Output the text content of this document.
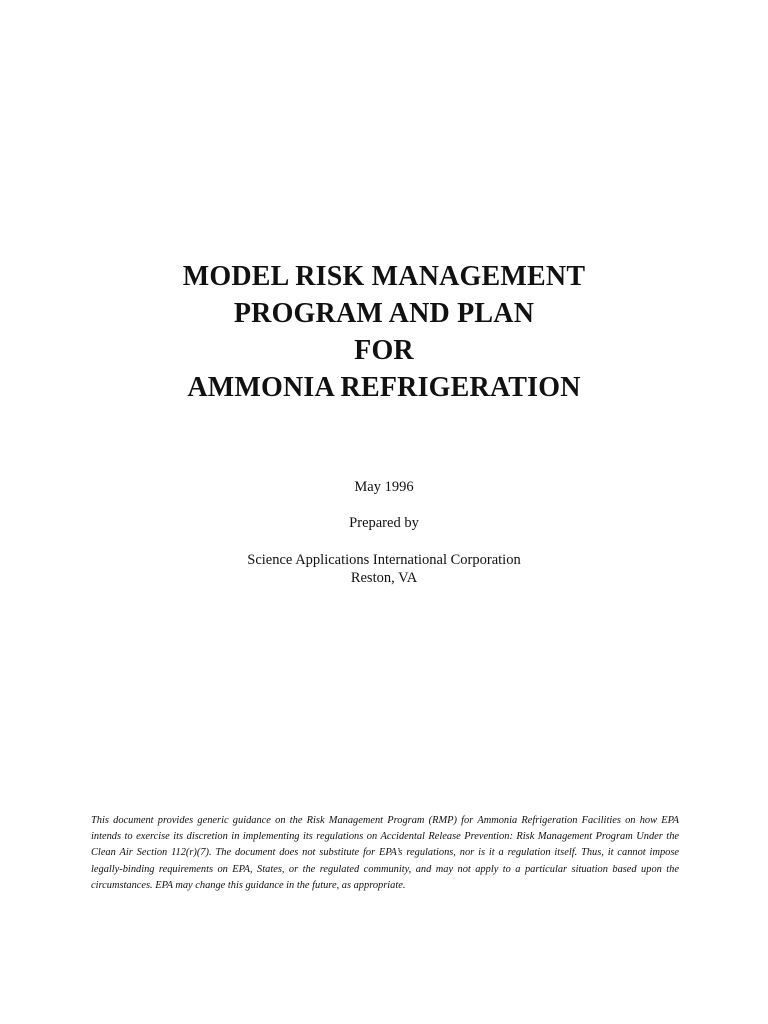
MODEL RISK MANAGEMENT
PROGRAM AND PLAN
FOR
AMMONIA REFRIGERATION
May 1996
Prepared by
Science Applications International Corporation
Reston, VA
This document provides generic guidance on the Risk Management Program (RMP) for Ammonia Refrigeration Facilities on how EPA intends to exercise its discretion in implementing its regulations on Accidental Release Prevention: Risk Management Program Under the Clean Air Section 112(r)(7). The document does not substitute for EPA’s regulations, nor is it a regulation itself. Thus, it cannot impose legally-binding requirements on EPA, States, or the regulated community, and may not apply to a particular situation based upon the circumstances. EPA may change this guidance in the future, as appropriate.
